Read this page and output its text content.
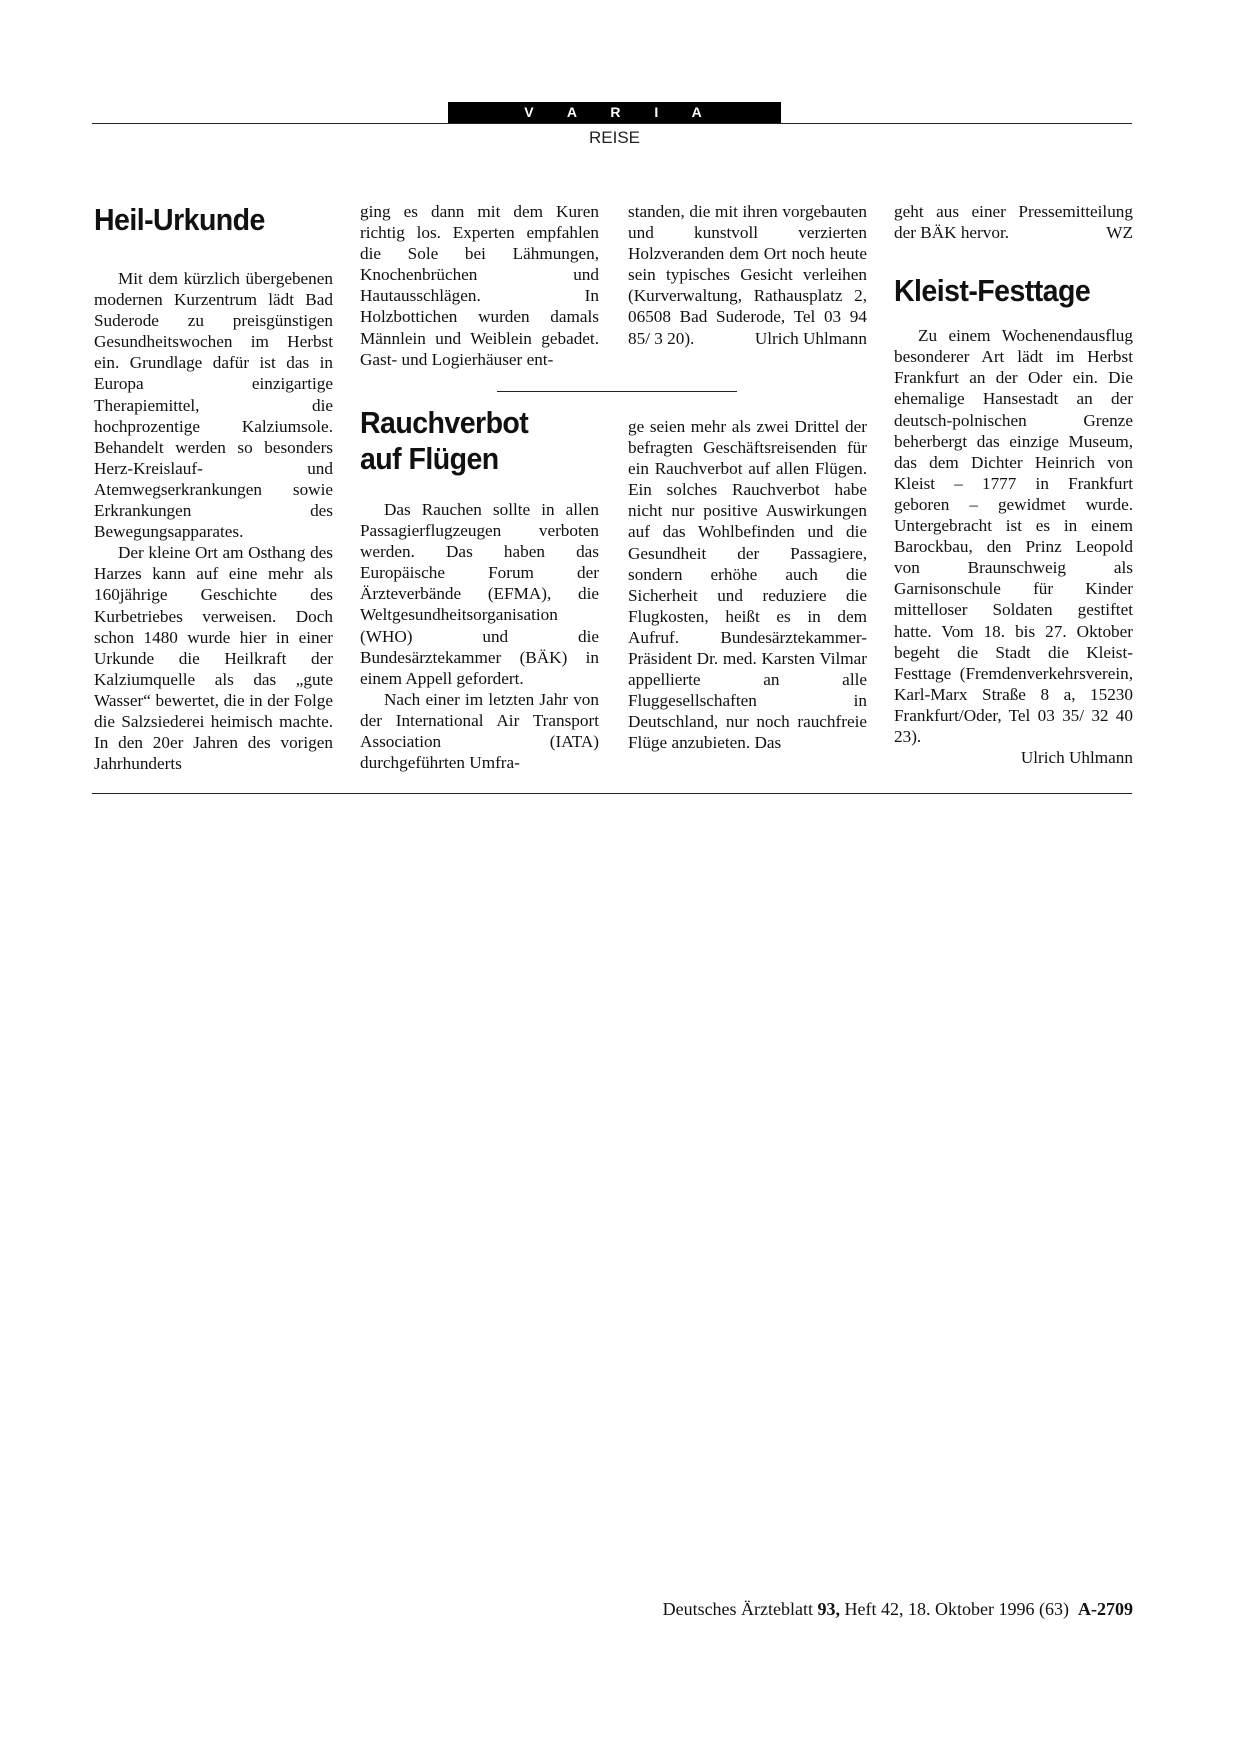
V A R I A
REISE
Heil-Urkunde

Mit dem kürzlich übergebenen modernen Kurzentrum lädt Bad Suderode zu preisgünstigen Gesundheitswochen im Herbst ein. Grundlage dafür ist das in Europa einzigartige Therapiemittel, die hochprozentige Kalziumsole. Behandelt werden so besonders Herz-Kreislauf- und Atemwegserkrankungen sowie Erkrankungen des Bewegungsapparates.

Der kleine Ort am Osthang des Harzes kann auf eine mehr als 160jährige Geschichte des Kurbetriebes verweisen. Doch schon 1480 wurde hier in einer Urkunde die Heilkraft der Kalziumquelle als das „gute Wasser“ bewertet, die in der Folge die Salzsiederei heimisch machte. In den 20er Jahren des vorigen Jahrhunderts

ging es dann mit dem Kuren richtig los. Experten empfahlen die Sole bei Lähmungen, Knochenbrüchen und Hautausschlägen. In Holzbottichen wurden damals Männlein und Weiblein gebadet. Gast- und Logierhäuser ent-

standen, die mit ihren vorgebauten und kunstvoll verzierten Holzveranden dem Ort noch heute sein typisches Gesicht verleihen (Kurverwaltung, Rathausplatz 2, 06508 Bad Suderode, Tel 03 94 85/ 3 20).	Ulrich Uhlmann

Rauchverbot
auf Flügen

Das Rauchen sollte in allen Passagierflugzeugen verboten werden. Das haben das Europäische Forum der Ärzteverbände (EFMA), die Weltgesundheitsorganisation (WHO) und die Bundesärztekammer (BÄK) in einem Appell gefordert.

Nach einer im letzten Jahr von der International Air Transport Association (IATA) durchgeführten Umfra-

ge seien mehr als zwei Drittel der befragten Geschäftsreisenden für ein Rauchverbot auf allen Flügen. Ein solches Rauchverbot habe nicht nur positive Auswirkungen auf das Wohlbefinden und die Gesundheit der Passagiere, sondern erhöhe auch die Sicherheit und reduziere die Flugkosten, heißt es in dem Aufruf. Bundesärztekammer-Präsident Dr. med. Karsten Vilmar appellierte an alle Fluggesellschaften in Deutschland, nur noch rauchfreie Flüge anzubieten. Das

geht aus einer Pressemitteilung der BÄK hervor.	WZ

Kleist-Festtage

Zu einem Wochenendausflug besonderer Art lädt im Herbst Frankfurt an der Oder ein. Die ehemalige Hansestadt an der deutsch-polnischen Grenze beherbergt das einzige Museum, das dem Dichter Heinrich von Kleist – 1777 in Frankfurt geboren – gewidmet wurde. Untergebracht ist es in einem Barockbau, den Prinz Leopold von Braunschweig als Garnisonschule für Kinder mittelloser Soldaten gestiftet hatte. Vom 18. bis 27. Oktober begeht die Stadt die Kleist-Festtage (Fremdenverkehrsverein, Karl-Marx Straße 8 a, 15230 Frankfurt/Oder, Tel 03 35/ 32 40 23).

Ulrich Uhlmann

Deutsches Ärzteblatt 93, Heft 42, 18. Oktober 1996 (63) A-2709
